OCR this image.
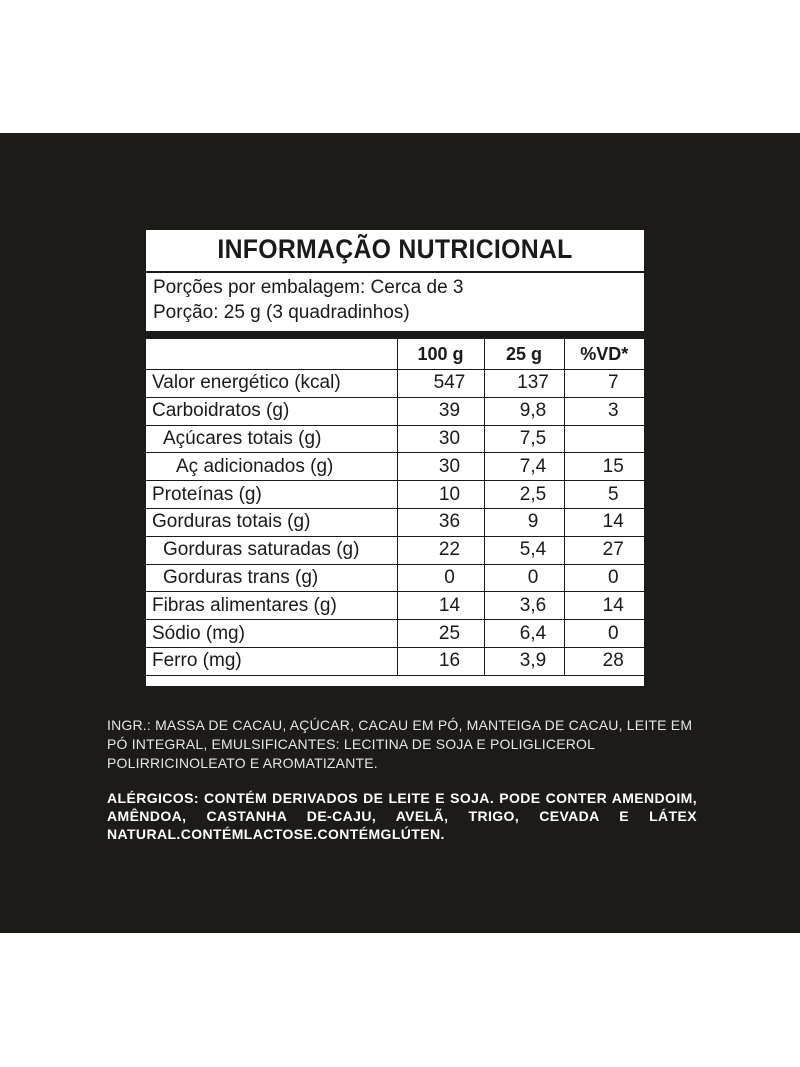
INFORMAÇÃO NUTRICIONAL
Porções por embalagem: Cerca de 3
Porção: 25 g (3 quadradinhos)
	100 g	25 g	%VD*
Valor energético (kcal)	547	137	7
Carboidratos (g)	39	9,8	3
Açúcares totais (g)	30	7,5	
Aç adicionados (g)	30	7,4	15
Proteínas (g)	10	2,5	5
Gorduras totais (g)	36	9	14
Gorduras saturadas (g)	22	5,4	27
Gorduras trans (g)	0	0	0
Fibras alimentares (g)	14	3,6	14
Sódio (mg)	25	6,4	0
Ferro (mg)	16	3,9	28
INGR.: MASSA DE CACAU, AÇÚCAR, CACAU EM PÓ, MANTEIGA DE CACAU, LEITE EM PÓ INTEGRAL, EMULSIFICANTES: LECITINA DE SOJA E POLIGLICEROL POLIRRICINOLEATO E AROMATIZANTE.
ALÉRGICOS: CONTÉM DERIVADOS DE LEITE E SOJA. PODE CONTER AMENDOIM, AMÊNDOA, CASTANHA DE-CAJU, AVELÃ, TRIGO, CEVADA E LÁTEX NATURAL.CONTÉMLACTOSE.CONTÉMGLÚTEN.
